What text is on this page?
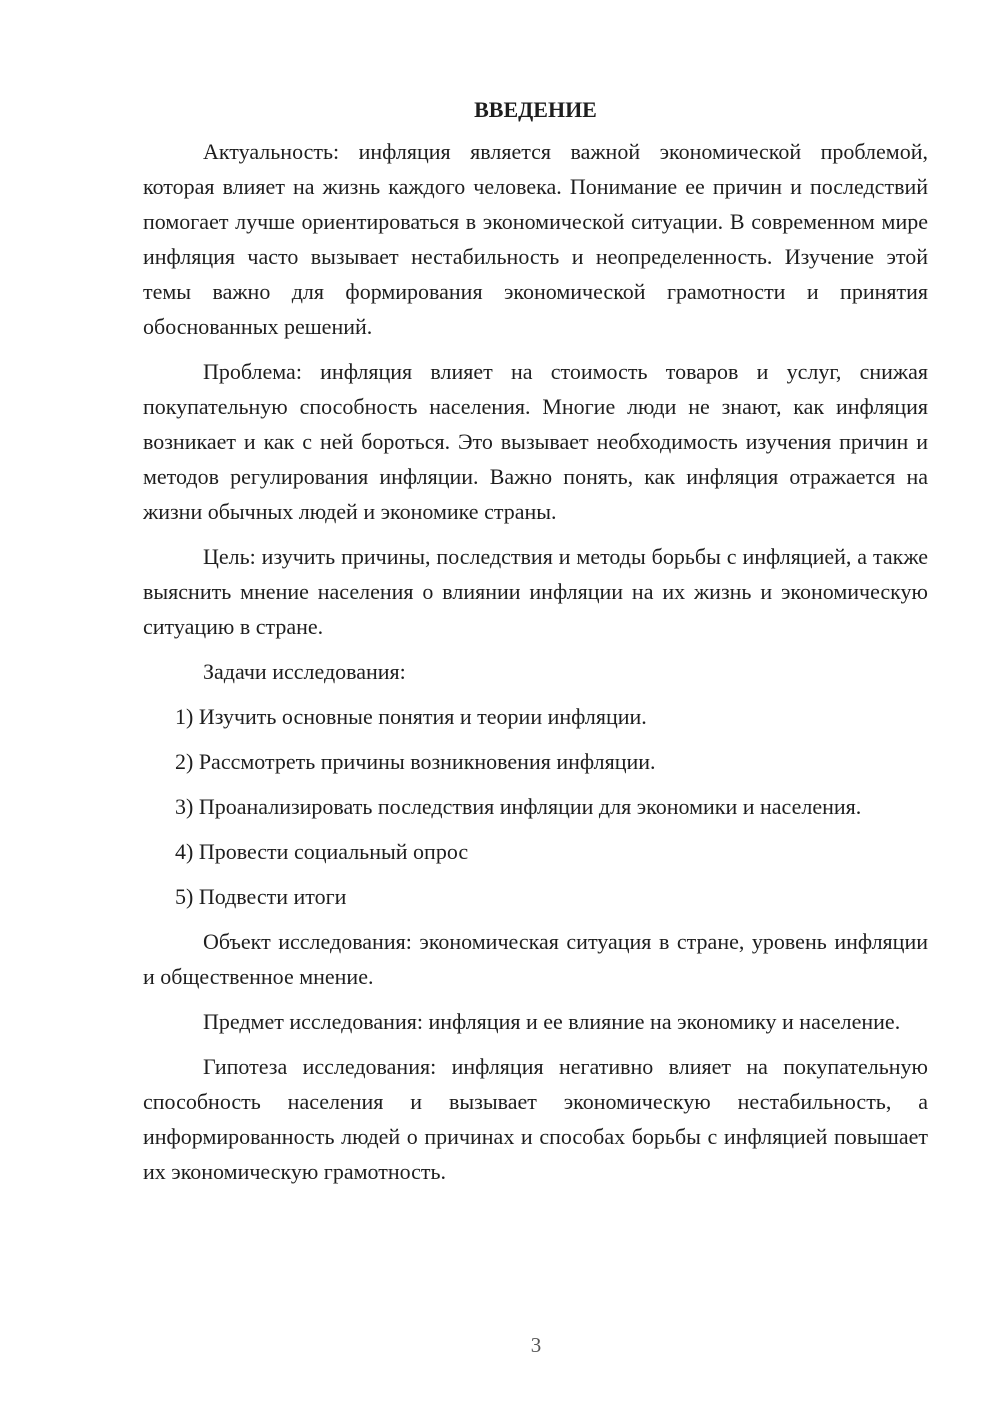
ВВЕДЕНИЕ

Актуальность: инфляция является важной экономической проблемой, которая влияет на жизнь каждого человека. Понимание ее причин и последствий помогает лучше ориентироваться в экономической ситуации. В современном мире инфляция часто вызывает нестабильность и неопределенность. Изучение этой темы важно для формирования экономической грамотности и принятия обоснованных решений.

Проблема: инфляция влияет на стоимость товаров и услуг, снижая покупательную способность населения. Многие люди не знают, как инфляция возникает и как с ней бороться. Это вызывает необходимость изучения причин и методов регулирования инфляции. Важно понять, как инфляция отражается на жизни обычных людей и экономике страны.

Цель: изучить причины, последствия и методы борьбы с инфляцией, а также выяснить мнение населения о влиянии инфляции на их жизнь и экономическую ситуацию в стране.

Задачи исследования:

1) Изучить основные понятия и теории инфляции.

2) Рассмотреть причины возникновения инфляции.

3) Проанализировать последствия инфляции для экономики и населения.

4) Провести социальный опрос

5) Подвести итоги

Объект исследования: экономическая ситуация в стране, уровень инфляции и общественное мнение.

Предмет исследования: инфляция и ее влияние на экономику и население.

Гипотеза исследования: инфляция негативно влияет на покупательную способность населения и вызывает экономическую нестабильность, а информированность людей о причинах и способах борьбы с инфляцией повышает их экономическую грамотность.

3
